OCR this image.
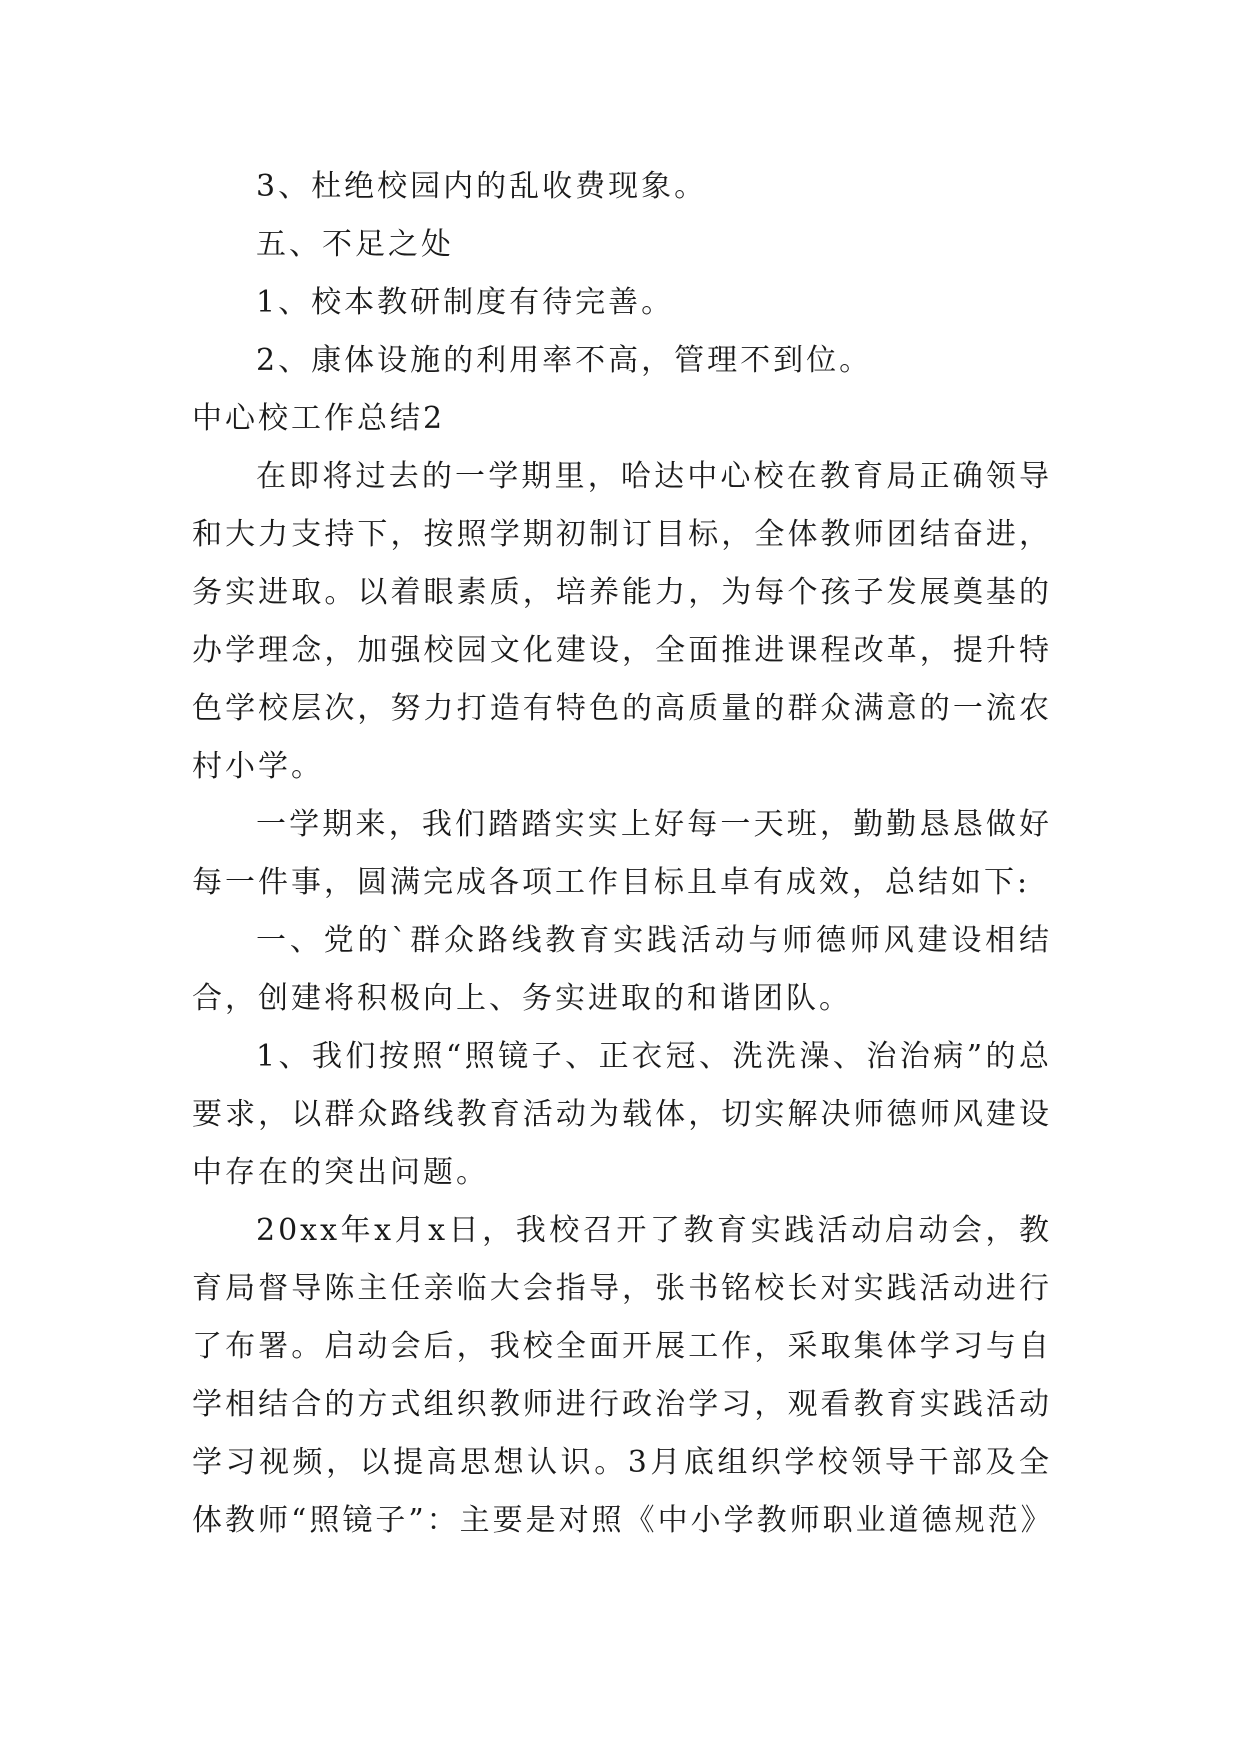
3、杜绝校园内的乱收费现象。

五、不足之处

1、校本教研制度有待完善。

2、康体设施的利用率不高，管理不到位。

中心校工作总结2

在即将过去的一学期里，哈达中心校在教育局正确领导和大力支持下，按照学期初制订目标，全体教师团结奋进，务实进取。以着眼素质，培养能力，为每个孩子发展奠基的办学理念，加强校园文化建设，全面推进课程改革，提升特色学校层次，努力打造有特色的高质量的群众满意的一流农村小学。

一学期来，我们踏踏实实上好每一天班，勤勤恳恳做好每一件事，圆满完成各项工作目标且卓有成效，总结如下:

一、党的`群众路线教育实践活动与师德师风建设相结合，创建将积极向上、务实进取的和谐团队。

1、我们按照“照镜子、正衣冠、洗洗澡、治治病”的总要求，以群众路线教育活动为载体，切实解决师德师风建设中存在的突出问题。

20xx年x月x日，我校召开了教育实践活动启动会，教育局督导陈主任亲临大会指导，张书铭校长对实践活动进行了布署。启动会后，我校全面开展工作，采取集体学习与自学相结合的方式组织教师进行政治学习，观看教育实践活动学习视频，以提高思想认识。3月底组织学校领导干部及全体教师“照镜子”：主要是对照《中小学教师职业道德规范》
